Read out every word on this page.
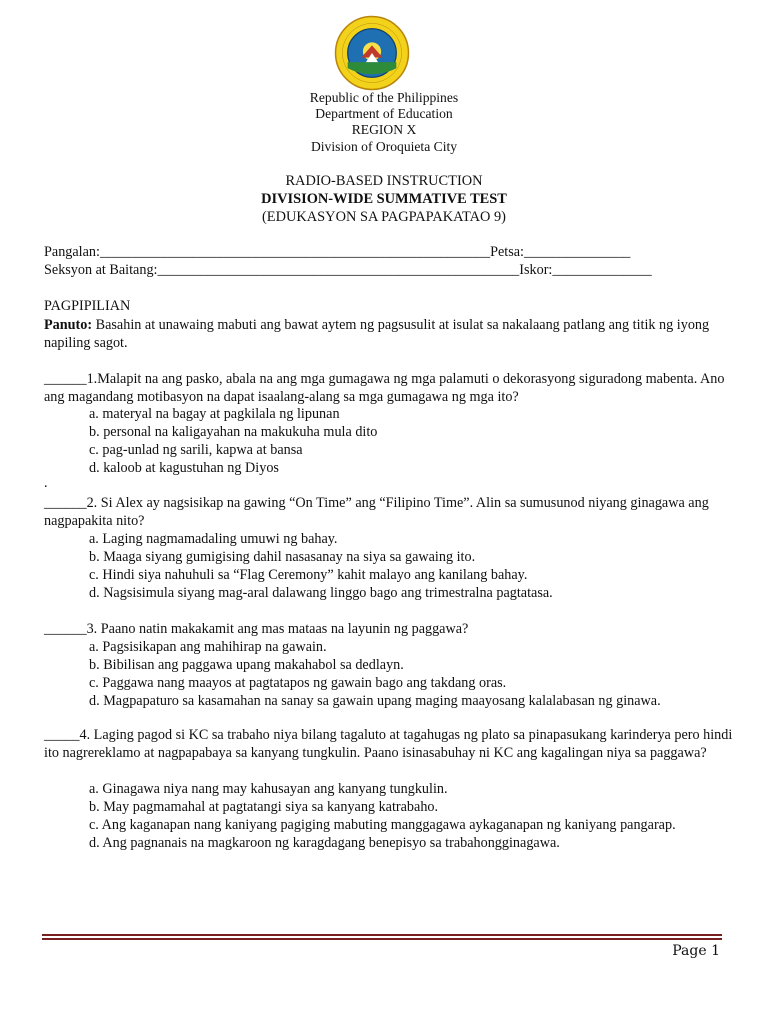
Republic of the Philippines
Department of Education
REGION X
Division of Oroquieta City
RADIO-BASED INSTRUCTION
DIVISION-WIDE SUMMATIVE TEST
(EDUKASYON SA PAGPAPAKATAO 9)
Pangalan:_______________________________________________________Petsa:_______________
Seksyon at Baitang:___________________________________________________Iskor:______________
PAGPIPILIAN
Panuto: Basahin at unawaing mabuti ang bawat aytem ng pagsusulit at isulat sa nakalaang patlang ang titik ng iyong napiling sagot.
______1.Malapit na ang pasko, abala na ang mga gumagawa ng mga palamuti o dekorasyong siguradong mabenta. Ano ang magandang motibasyon na dapat isaalang-alang sa mga gumagawa ng mga ito?
a. materyal na bagay at pagkilala ng lipunan
b. personal na kaligayahan na makukuha mula dito
c. pag-unlad ng sarili, kapwa at bansa
d. kaloob at kagustuhan ng Diyos
.
______2. Si Alex ay nagsisikap na gawing “On Time” ang “Filipino Time”. Alin sa sumusunod niyang ginagawa ang nagpapakita nito?
a. Laging nagmamadaling umuwi ng bahay.
b. Maaga siyang gumigising dahil nasasanay na siya sa gawaing ito.
c. Hindi siya nahuhuli sa “Flag Ceremony” kahit malayo ang kanilang bahay.
d. Nagsisimula siyang mag-aral dalawang linggo bago ang trimestralna pagtatasa.
______3. Paano natin makakamit ang mas mataas na layunin ng paggawa?
a. Pagsisikapan ang mahihirap na gawain.
b. Bibilisan ang paggawa upang makahabol sa dedlayn.
c. Paggawa nang maayos at pagtatapos ng gawain bago ang takdang oras.
d. Magpapaturo sa kasamahan na sanay sa gawain upang maging maayosang kalalabasan ng ginawa.
_____4. Laging pagod si KC sa trabaho niya bilang tagaluto at tagahugas ng plato sa pinapasukang karinderya pero hindi ito nagrereklamo at nagpapabaya sa kanyang tungkulin. Paano isinasabuhay ni KC ang kagalingan niya sa paggawa?
a. Ginagawa niya nang may kahusayan ang kanyang tungkulin.
b. May pagmamahal at pagtatangi siya sa kanyang katrabaho.
c. Ang kaganapan nang kaniyang pagiging mabuting manggagawa aykaganapan ng kaniyang pangarap.
d. Ang pagnanais na magkaroon ng karagdagang benepisyo sa trabahongginagawa.
Page 1
